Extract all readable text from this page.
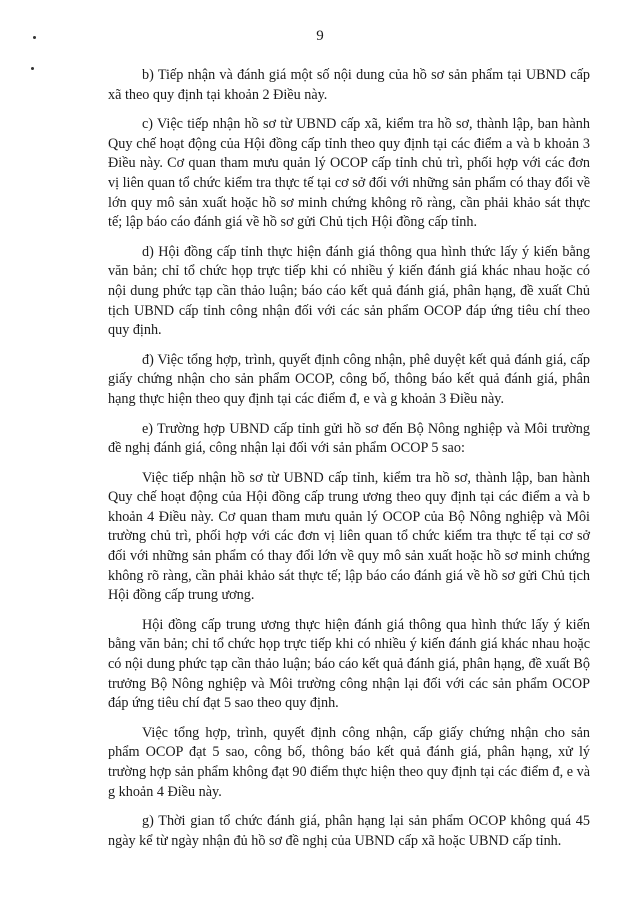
9

b) Tiếp nhận và đánh giá một số nội dung của hồ sơ sản phẩm tại UBND cấp xã theo quy định tại khoản 2 Điều này.

c) Việc tiếp nhận hồ sơ từ UBND cấp xã, kiểm tra hồ sơ, thành lập, ban hành Quy chế hoạt động của Hội đồng cấp tỉnh theo quy định tại các điểm a và b khoản 3 Điều này. Cơ quan tham mưu quản lý OCOP cấp tỉnh chủ trì, phối hợp với các đơn vị liên quan tổ chức kiểm tra thực tế tại cơ sở đối với những sản phẩm có thay đổi về lớn quy mô sản xuất hoặc hồ sơ minh chứng không rõ ràng, cần phải khảo sát thực tế; lập báo cáo đánh giá về hồ sơ gửi Chủ tịch Hội đồng cấp tỉnh.

d) Hội đồng cấp tỉnh thực hiện đánh giá thông qua hình thức lấy ý kiến bằng văn bản; chỉ tổ chức họp trực tiếp khi có nhiều ý kiến đánh giá khác nhau hoặc có nội dung phức tạp cần thảo luận; báo cáo kết quả đánh giá, phân hạng, đề xuất Chủ tịch UBND cấp tỉnh công nhận đối với các sản phẩm OCOP đáp ứng tiêu chí theo quy định.

đ) Việc tổng hợp, trình, quyết định công nhận, phê duyệt kết quả đánh giá, cấp giấy chứng nhận cho sản phẩm OCOP, công bố, thông báo kết quả đánh giá, phân hạng thực hiện theo quy định tại các điểm đ, e và g khoản 3 Điều này.

e) Trường hợp UBND cấp tỉnh gửi hồ sơ đến Bộ Nông nghiệp và Môi trường đề nghị đánh giá, công nhận lại đối với sản phẩm OCOP 5 sao:

Việc tiếp nhận hồ sơ từ UBND cấp tỉnh, kiểm tra hồ sơ, thành lập, ban hành Quy chế hoạt động của Hội đồng cấp trung ương theo quy định tại các điểm a và b khoản 4 Điều này. Cơ quan tham mưu quản lý OCOP của Bộ Nông nghiệp và Môi trường chủ trì, phối hợp với các đơn vị liên quan tổ chức kiểm tra thực tế tại cơ sở đối với những sản phẩm có thay đổi lớn về quy mô sản xuất hoặc hồ sơ minh chứng không rõ ràng, cần phải khảo sát thực tế; lập báo cáo đánh giá về hồ sơ gửi Chủ tịch Hội đồng cấp trung ương.

Hội đồng cấp trung ương thực hiện đánh giá thông qua hình thức lấy ý kiến bằng văn bản; chỉ tổ chức họp trực tiếp khi có nhiều ý kiến đánh giá khác nhau hoặc có nội dung phức tạp cần thảo luận; báo cáo kết quả đánh giá, phân hạng, đề xuất Bộ trưởng Bộ Nông nghiệp và Môi trường công nhận lại đối với các sản phẩm OCOP đáp ứng tiêu chí đạt 5 sao theo quy định.

Việc tổng hợp, trình, quyết định công nhận, cấp giấy chứng nhận cho sản phẩm OCOP đạt 5 sao, công bố, thông báo kết quả đánh giá, phân hạng, xử lý trường hợp sản phẩm không đạt 90 điểm thực hiện theo quy định tại các điểm đ, e và g khoản 4 Điều này.

g) Thời gian tổ chức đánh giá, phân hạng lại sản phẩm OCOP không quá 45 ngày kể từ ngày nhận đủ hồ sơ đề nghị của UBND cấp xã hoặc UBND cấp tỉnh.
